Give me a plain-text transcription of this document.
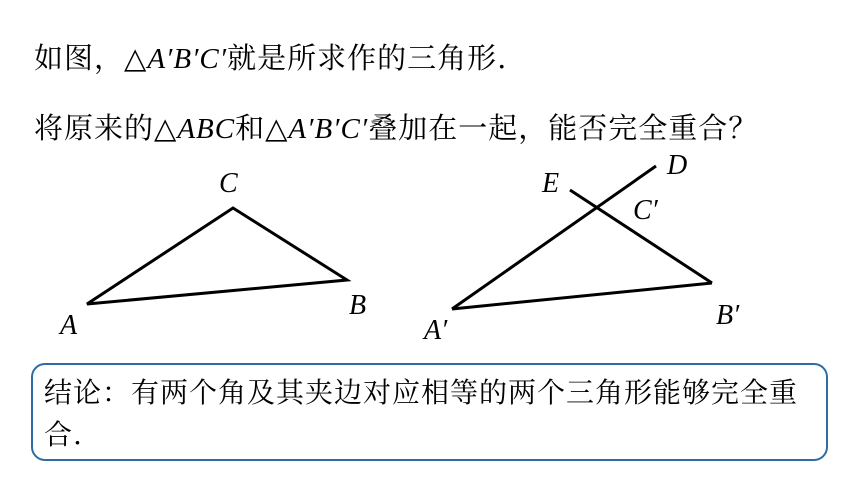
如图，△A′B′C′就是所求作的三角形.
将原来的△ABC和△A′B′C′叠加在一起，能否完全重合？
C
A
B
D
E
C′
A′	B′
结论：有两个角及其夹边对应相等的两个三角形能够完全重合.
